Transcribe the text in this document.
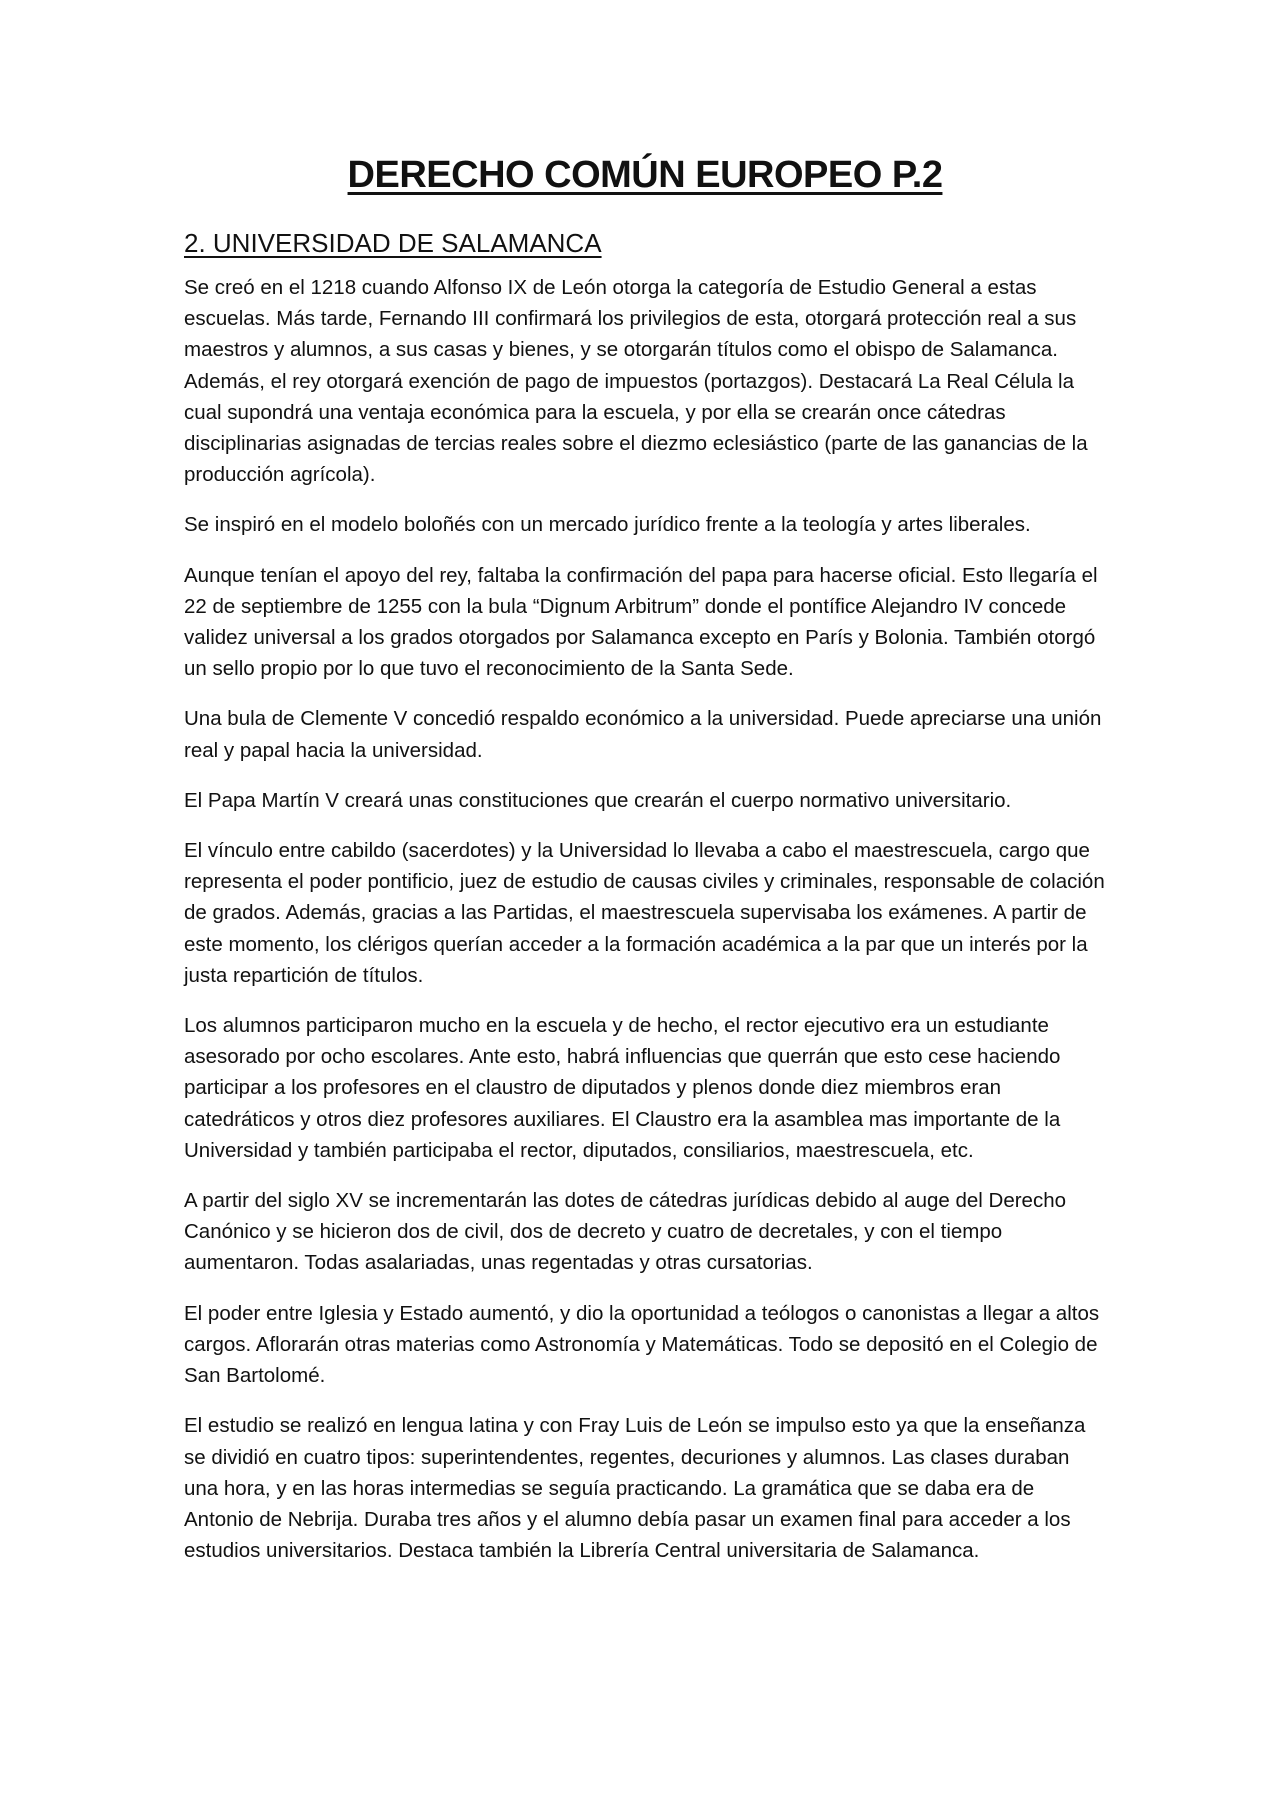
DERECHO COMÚN EUROPEO P.2
2. UNIVERSIDAD DE SALAMANCA

Se creó en el 1218 cuando Alfonso IX de León otorga la categoría de Estudio General a estas escuelas. Más tarde, Fernando III confirmará los privilegios de esta, otorgará protección real a sus maestros y alumnos, a sus casas y bienes, y se otorgarán títulos como el obispo de Salamanca. Además, el rey otorgará exención de pago de impuestos (portazgos). Destacará La Real Célula la cual supondrá una ventaja económica para la escuela, y por ella se crearán once cátedras disciplinarias asignadas de tercias reales sobre el diezmo eclesiástico (parte de las ganancias de la producción agrícola).

Se inspiró en el modelo boloñés con un mercado jurídico frente a la teología y artes liberales.

Aunque tenían el apoyo del rey, faltaba la confirmación del papa para hacerse oficial. Esto llegaría el 22 de septiembre de 1255 con la bula “Dignum Arbitrum” donde el pontífice Alejandro IV concede validez universal a los grados otorgados por Salamanca excepto en París y Bolonia. También otorgó un sello propio por lo que tuvo el reconocimiento de la Santa Sede.

Una bula de Clemente V concedió respaldo económico a la universidad. Puede apreciarse una unión real y papal hacia la universidad.

El Papa Martín V creará unas constituciones que crearán el cuerpo normativo universitario.

El vínculo entre cabildo (sacerdotes) y la Universidad lo llevaba a cabo el maestrescuela, cargo que representa el poder pontificio, juez de estudio de causas civiles y criminales, responsable de colación de grados. Además, gracias a las Partidas, el maestrescuela supervisaba los exámenes. A partir de este momento, los clérigos querían acceder a la formación académica a la par que un interés por la justa repartición de títulos.

Los alumnos participaron mucho en la escuela y de hecho, el rector ejecutivo era un estudiante asesorado por ocho escolares. Ante esto, habrá influencias que querrán que esto cese haciendo participar a los profesores en el claustro de diputados y plenos donde diez miembros eran catedráticos y otros diez profesores auxiliares. El Claustro era la asamblea mas importante de la Universidad y también participaba el rector, diputados, consiliarios, maestrescuela, etc.

A partir del siglo XV se incrementarán las dotes de cátedras jurídicas debido al auge del Derecho Canónico y se hicieron dos de civil, dos de decreto y cuatro de decretales, y con el tiempo aumentaron. Todas asalariadas, unas regentadas y otras cursatorias.

El poder entre Iglesia y Estado aumentó, y dio la oportunidad a teólogos o canonistas a llegar a altos cargos. Aflorarán otras materias como Astronomía y Matemáticas. Todo se depositó en el Colegio de San Bartolomé.

El estudio se realizó en lengua latina y con Fray Luis de León se impulso esto ya que la enseñanza se dividió en cuatro tipos: superintendentes, regentes, decuriones y alumnos. Las clases duraban una hora, y en las horas intermedias se seguía practicando. La gramática que se daba era de Antonio de Nebrija. Duraba tres años y el alumno debía pasar un examen final para acceder a los estudios universitarios. Destaca también la Librería Central universitaria de Salamanca.
